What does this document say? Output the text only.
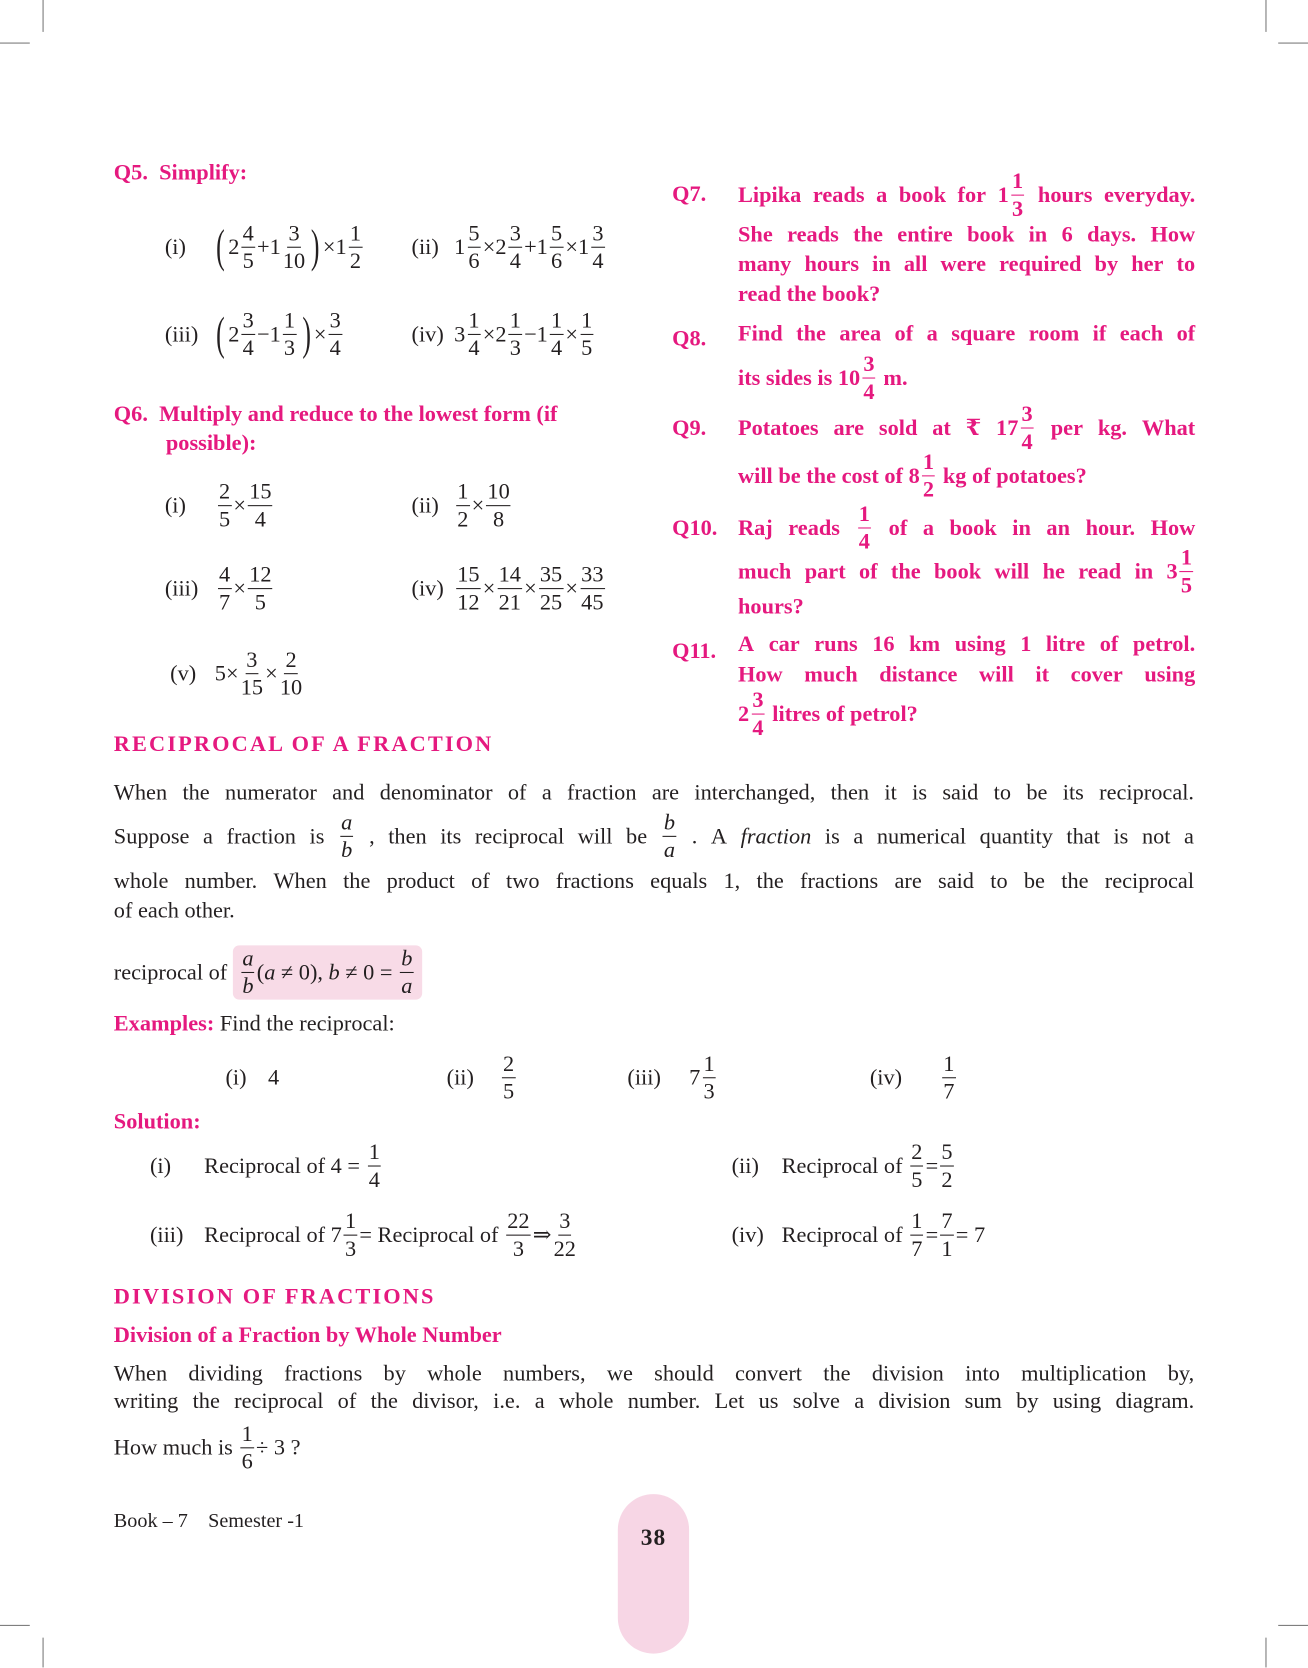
Q5. Simplify:
(i) ( $2 \frac{4}{5} + 1 \frac{3}{10}$ ) × $1 \frac{1}{2} (ii)$ $1 \frac{5}{6} \times 2 \frac{3}{4} + 1 \frac{5}{6} \times 1 \frac{3}{4}$
(iii) ( $2 \frac{3}{4} - 1 \frac{1}{3}$ ) × $\frac{3}{4}$	(iv) $3 \frac{1}{4} \times 2 \frac{1}{3} - 1 \frac{1}{4} \times \frac{1}{5}$
Q6. Multiply and reduce to the lowest form (if
possible):
(i)	$\frac{2}{5} \times \frac{15}{4}$	$(ii) \frac{1}{2} \times \frac{10}{8}$
$(iii) \frac{4}{7} \times \frac{12}{5}$	$(iv) \frac{15}{12} \times \frac{14}{21} \times \frac{35}{25} \times \frac{33}{45}$
(v) $5\times \frac{3}{15} \times \frac{2}{10}$
Q7.	Lipika reads a book for $1 \frac{1}{3}$ hours everyday.
She reads the entire book in 6 days. How
many hours in all were required by her to
read the book?
Q8.	Find the area of a square room if each of
its sides is $10 \frac{3}{4} m$.
Q9.	Potatoes are sold at ₹ $17 \frac{3}{4}$ per kg. What
will be the cost of $8 \frac{1}{2}$ kg of potatoes?
Q10. Raj reads $\frac{1}{4}$ of a book in an hour. How
much part of the book will he read in $3 \frac{1}{5}$
hours?
Q11.	A car runs 16 km using 1 litre of petrol.
How much distance will it cover using
$2 \frac{3}{4}$ litres of petrol?
RECIPROCAL OF A FRACTION
When the numerator and denominator of a fraction are interchanged, then it is said to be its reciprocal.
Suppose a fraction is $\frac{a}{b}$ , then its reciprocal will be $\frac{b}{a}$ . A fraction is a numerical quantity that is not a
whole number. When the product of two fractions equals 1, the fractions are said to be the reciprocal
of each other.
reciprocal of
$\frac{a}{b}$ ( a ≠ 0), $b \ne 0 = \frac{b}{a}$
Examples: Find the reciprocal:
(i)	4	(ii)	$\frac{2}{5}$	(iii)	$7 \frac{1}{3}$	(iv)	$\frac{1}{7}$
Solution:
(i)	Reciprocal of $4 = \frac{1}{4}$	(ii)	Reciprocal of $\frac{2}{5} = \frac{5}{2}$
(iii) Reciprocal of $7 \frac{1}{3}$ = Reciprocal of $\frac{22}{3}$ ⇒ $\frac{3}{22}$	(iv) Reciprocal of $\frac{1}{7} = \frac{7}{1} = 7$
DIVISION OF FRACTIONS
Division of a Fraction by Whole Number
When dividing fractions by whole numbers, we should convert the division into multiplication by,
writing the reciprocal of the divisor, i.e. a whole number. Let us solve a division sum by using diagram.
How much is $\frac{1}{6} \div 3$ ?
Book – 7 Semester -1
38
